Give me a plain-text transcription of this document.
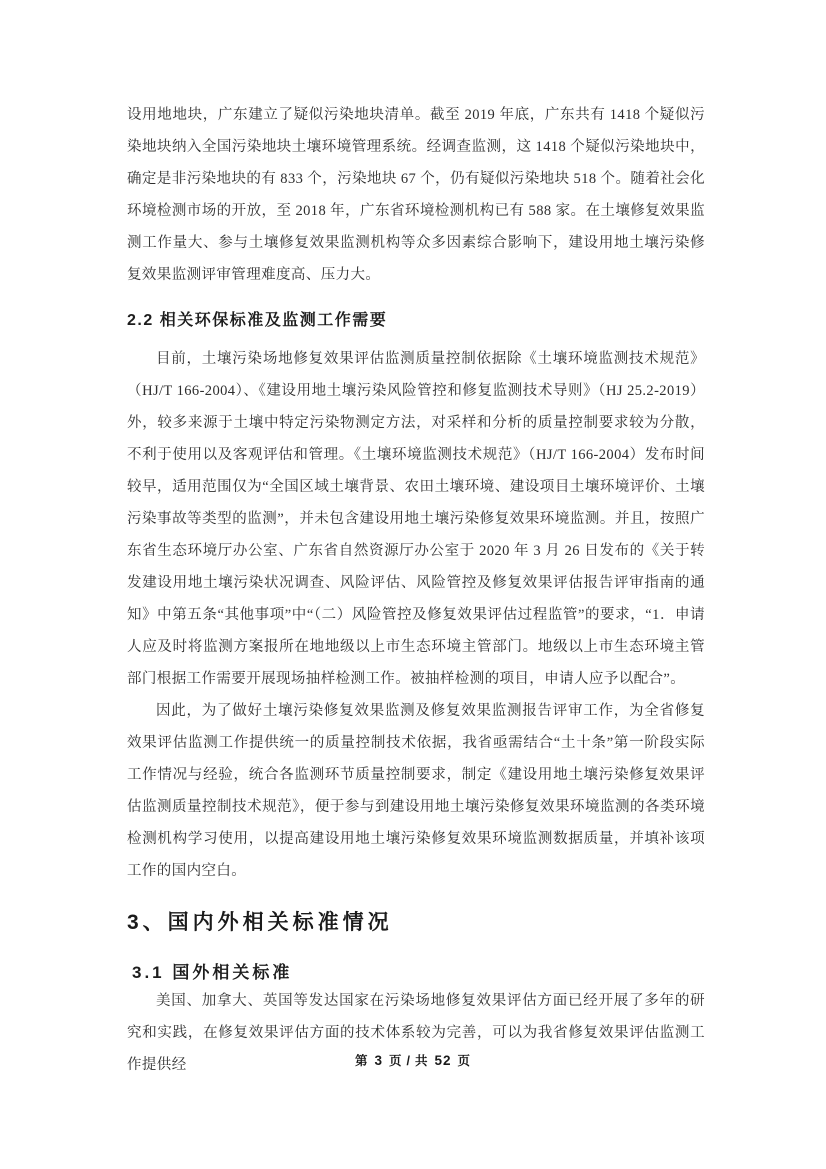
设用地地块，广东建立了疑似污染地块清单。截至 2019 年底，广东共有 1418 个疑似污染地块纳入全国污染地块土壤环境管理系统。经调查监测，这 1418 个疑似污染地块中，确定是非污染地块的有 833 个，污染地块 67 个，仍有疑似污染地块 518 个。随着社会化环境检测市场的开放，至 2018 年，广东省环境检测机构已有 588 家。在土壤修复效果监测工作量大、参与土壤修复效果监测机构等众多因素综合影响下，建设用地土壤污染修复效果监测评审管理难度高、压力大。

2.2 相关环保标准及监测工作需要

目前，土壤污染场地修复效果评估监测质量控制依据除《土壤环境监测技术规范》（HJ/T 166-2004）、《建设用地土壤污染风险管控和修复监测技术导则》（HJ 25.2-2019）外，较多来源于土壤中特定污染物测定方法，对采样和分析的质量控制要求较为分散，不利于使用以及客观评估和管理。《土壤环境监测技术规范》（HJ/T 166-2004）发布时间较早，适用范围仅为“全国区域土壤背景、农田土壤环境、建设项目土壤环境评价、土壤污染事故等类型的监测”，并未包含建设用地土壤污染修复效果环境监测。并且，按照广东省生态环境厅办公室、广东省自然资源厅办公室于 2020 年 3 月 26 日发布的《关于转发建设用地土壤污染状况调查、风险评估、风险管控及修复效果评估报告评审指南的通知》中第五条“其他事项”中“（二）风险管控及修复效果评估过程监管”的要求，“1．申请人应及时将监测方案报所在地地级以上市生态环境主管部门。地级以上市生态环境主管部门根据工作需要开展现场抽样检测工作。被抽样检测的项目，申请人应予以配合”。

因此，为了做好土壤污染修复效果监测及修复效果监测报告评审工作，为全省修复效果评估监测工作提供统一的质量控制技术依据，我省亟需结合“土十条”第一阶段实际工作情况与经验，统合各监测环节质量控制要求，制定《建设用地土壤污染修复效果评估监测质量控制技术规范》，便于参与到建设用地土壤污染修复效果环境监测的各类环境检测机构学习使用，以提高建设用地土壤污染修复效果环境监测数据质量，并填补该项工作的国内空白。

3、国内外相关标准情况
3.1 国外相关标准

美国、加拿大、英国等发达国家在污染场地修复效果评估方面已经开展了多年的研究和实践，在修复效果评估方面的技术体系较为完善，可以为我省修复效果评估监测工作提供经	第 3 页 / 共 52 页
